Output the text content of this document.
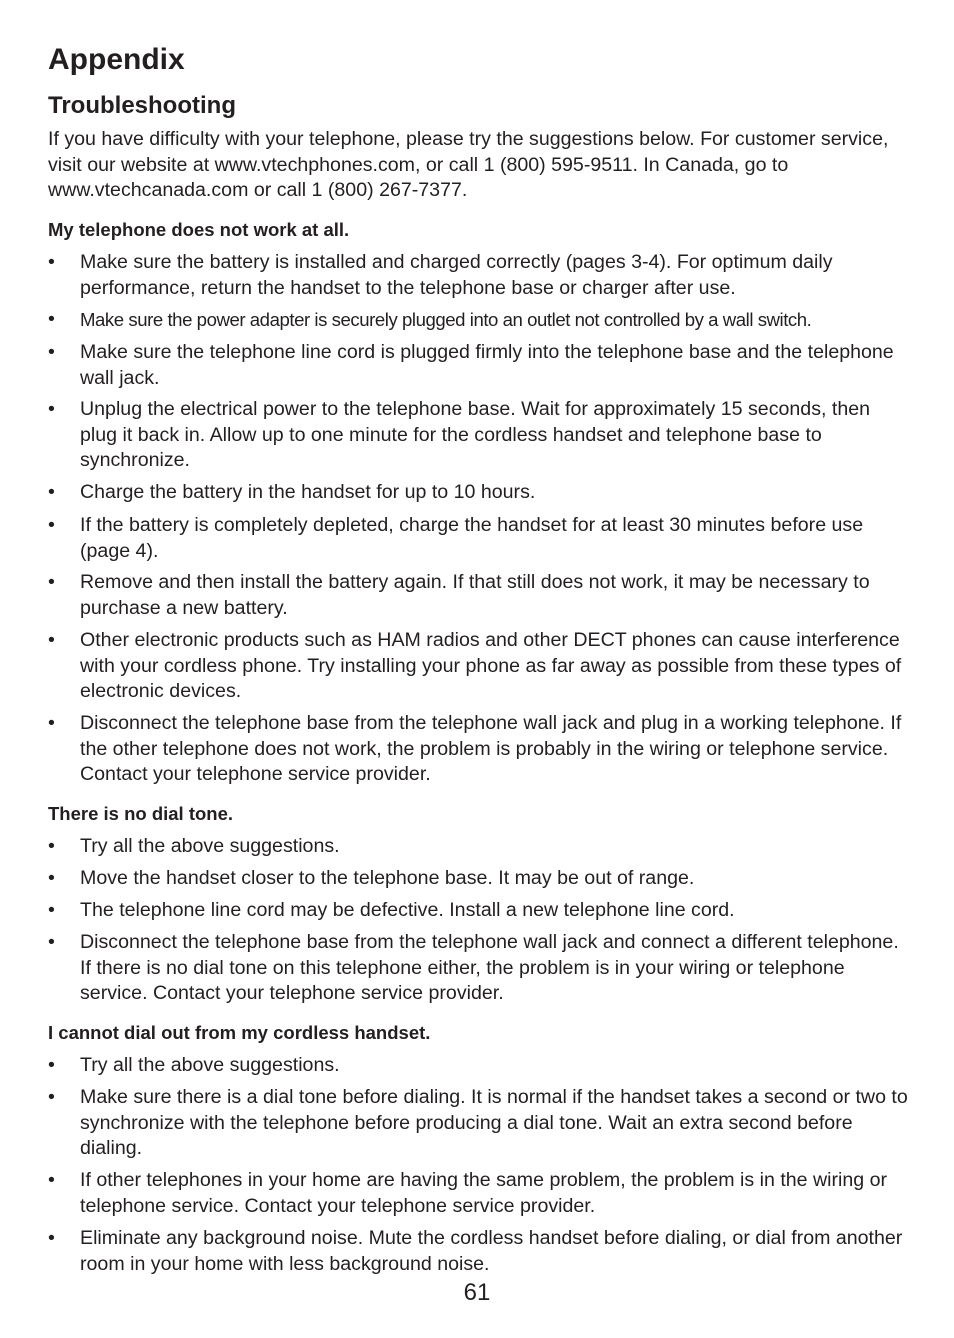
Appendix
Troubleshooting

If you have difficulty with your telephone, please try the suggestions below. For customer service, visit our website at www.vtechphones.com, or call 1 (800) 595-9511. In Canada, go to www.vtechcanada.com or call 1 (800) 267-7377.

My telephone does not work at all.
•	Make sure the battery is installed and charged correctly (pages 3-4). For optimum daily performance, return the handset to the telephone base or charger after use.
•	Make sure the power adapter is securely plugged into an outlet not controlled by a wall switch.
•	Make sure the telephone line cord is plugged firmly into the telephone base and the telephone wall jack.
•	Unplug the electrical power to the telephone base. Wait for approximately 15 seconds, then plug it back in. Allow up to one minute for the cordless handset and telephone base to synchronize.
•	Charge the battery in the handset for up to 10 hours.
•	If the battery is completely depleted, charge the handset for at least 30 minutes before use (page 4).
•	Remove and then install the battery again. If that still does not work, it may be necessary to purchase a new battery.
•	Other electronic products such as HAM radios and other DECT phones can cause interference with your cordless phone. Try installing your phone as far away as possible from these types of electronic devices.
•	Disconnect the telephone base from the telephone wall jack and plug in a working telephone. If the other telephone does not work, the problem is probably in the wiring or telephone service. Contact your telephone service provider.
There is no dial tone.
•	Try all the above suggestions.
•	Move the handset closer to the telephone base. It may be out of range.
•	The telephone line cord may be defective. Install a new telephone line cord.
•	Disconnect the telephone base from the telephone wall jack and connect a different telephone. If there is no dial tone on this telephone either, the problem is in your wiring or telephone service. Contact your telephone service provider.
I cannot dial out from my cordless handset.
•	Try all the above suggestions.
•	Make sure there is a dial tone before dialing. It is normal if the handset takes a second or two to synchronize with the telephone before producing a dial tone. Wait an extra second before dialing.
•	If other telephones in your home are having the same problem, the problem is in the wiring or telephone service. Contact your telephone service provider.
•	Eliminate any background noise. Mute the cordless handset before dialing, or dial from another room in your home with less background noise.
61
